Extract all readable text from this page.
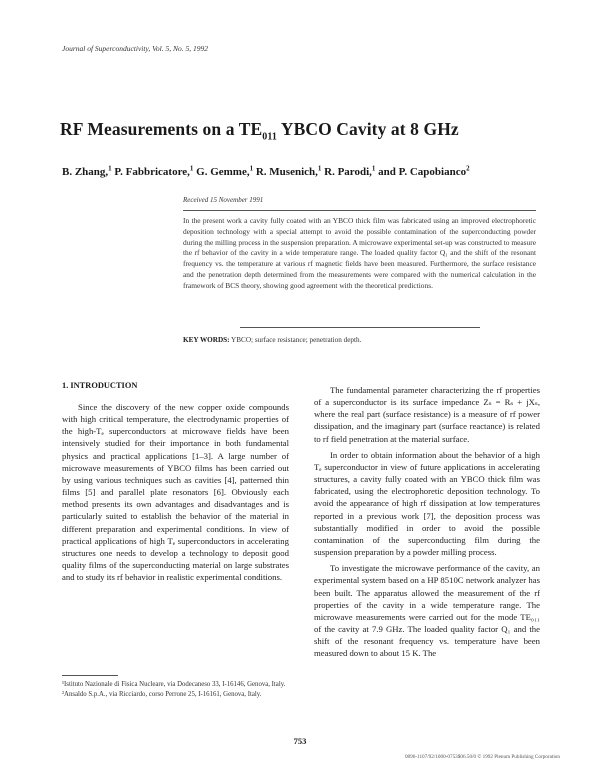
Journal of Superconductivity, Vol. 5, No. 5, 1992
RF Measurements on a $TE_{011}$ YBCO Cavity at 8 GHz
B. Zhang,$^1$ P. Fabbricatore,$^1$ G. Gemme,$^1$ R. Musenich,$^1$ R. Parodi,$^1$ and P. Capobianco$^2$
Received 15 November 1991
In the present work a cavity fully coated with an YBCO thick film was fabricated using an improved electrophoretic deposition technology with a special attempt to avoid the possible contamination of the superconducting powder during the milling process in the suspension preparation. A microwave experimental set-up was constructed to measure the rf behavior of the cavity in a wide temperature range. The loaded quality factor Q₁ and the shift of the resonant frequency vs. the temperature at various rf magnetic fields have been measured. Furthermore, the surface resistance and the penetration depth determined from the measurements were compared with the numerical calculation in the framework of BCS theory, showing good agreement with the theoretical predictions.
KEY WORDS: YBCO; surface resistance; penetration depth.
1. INTRODUCTION

Since the discovery of the new copper oxide compounds with high critical temperature, the electrodynamic properties of the high-Tₑ superconductors at microwave fields have been intensively studied for their importance in both fundamental physics and practical applications [1–3]. A large number of microwave measurements of YBCO films has been carried out by using various techniques such as cavities [4], patterned thin films [5] and parallel plate resonators [6]. Obviously each method presents its own advantages and disadvantages and is particularly suited to establish the behavior of the material in different preparation and experimental conditions. In view of practical applications of high Tₑ superconductors in accelerating structures one needs to develop a technology to deposit good quality films of the superconducting material on large substrates and to study its rf behavior in realistic experimental conditions.

The fundamental parameter characterizing the rf properties of a superconductor is its surface impedance Zₛ = Rₛ + jXₛ, where the real part (surface resistance) is a measure of rf power dissipation, and the imaginary part (surface reactance) is related to rf field penetration at the material surface.

In order to obtain information about the behavior of a high Tₑ superconductor in view of future applications in accelerating structures, a cavity fully coated with an YBCO thick film was fabricated, using the electrophoretic deposition technology. To avoid the appearance of high rf dissipation at low temperatures reported in a previous work [7], the deposition process was substantially modified in order to avoid the possible contamination of the superconducting film during the suspension preparation by a powder milling process.

To investigate the microwave performance of the cavity, an experimental system based on a HP 8510C network analyzer has been built. The apparatus allowed the measurement of the rf properties of the cavity in a wide temperature range. The microwave measurements were carried out for the mode TE₀₁₁ of the cavity at 7.9 GHz. The loaded quality factor Q₁ and the shift of the resonant frequency vs. temperature have been measured down to about 15 K. The

¹Istituto Nazionale di Fisica Nucleare, via Dodecaneso 33, I-16146, Genova, Italy.
²Ansaldo S.p.A., via Ricciardo, corso Perrone 25, I-16161, Genova, Italy.
753
0896-1107/92/1000-0753$06.50/0 © 1992 Plenum Publishing Corporation
